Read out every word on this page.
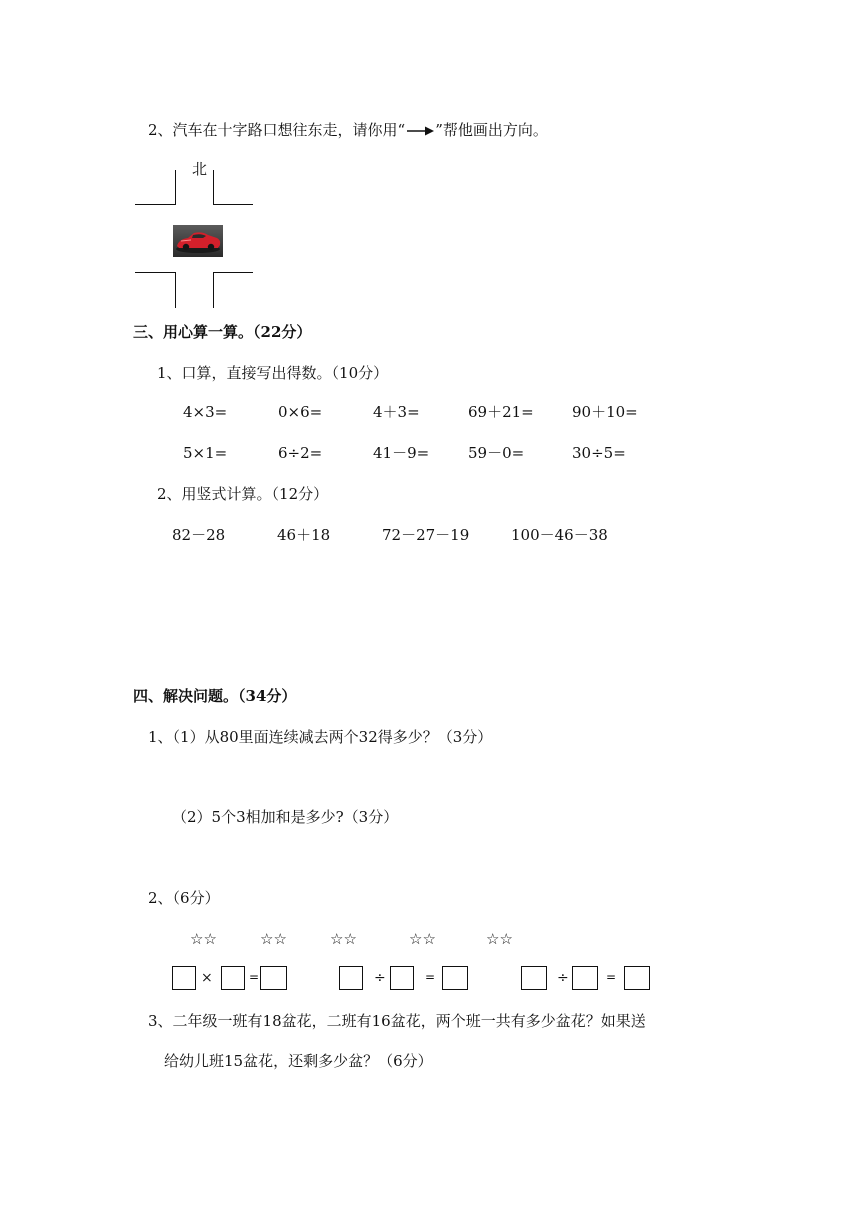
2、汽车在十字路口想往东走，请你用“ ”帮他画出方向。
北
三、用心算一算。（22分）
1、口算，直接写出得数。（10分）
4×3=	0×6=	4＋3=	69＋21=	90＋10=
5×1=	6÷2=	41－9=	59－0=	30÷5=
2、用竖式计算。（12分）
82－28	46＋18	72－27－19	100－46－38
四、解决问题。（34分）
1、（1）从80里面连续减去两个32得多少？（3分）
（2）5个3相加和是多少?（3分）
2、（6分）
☆☆	☆☆	☆☆	☆☆	☆☆
×	=	÷	=	÷	=
3、二年级一班有18盆花，二班有16盆花，两个班一共有多少盆花？如果送
给幼儿班15盆花，还剩多少盆？（6分）
